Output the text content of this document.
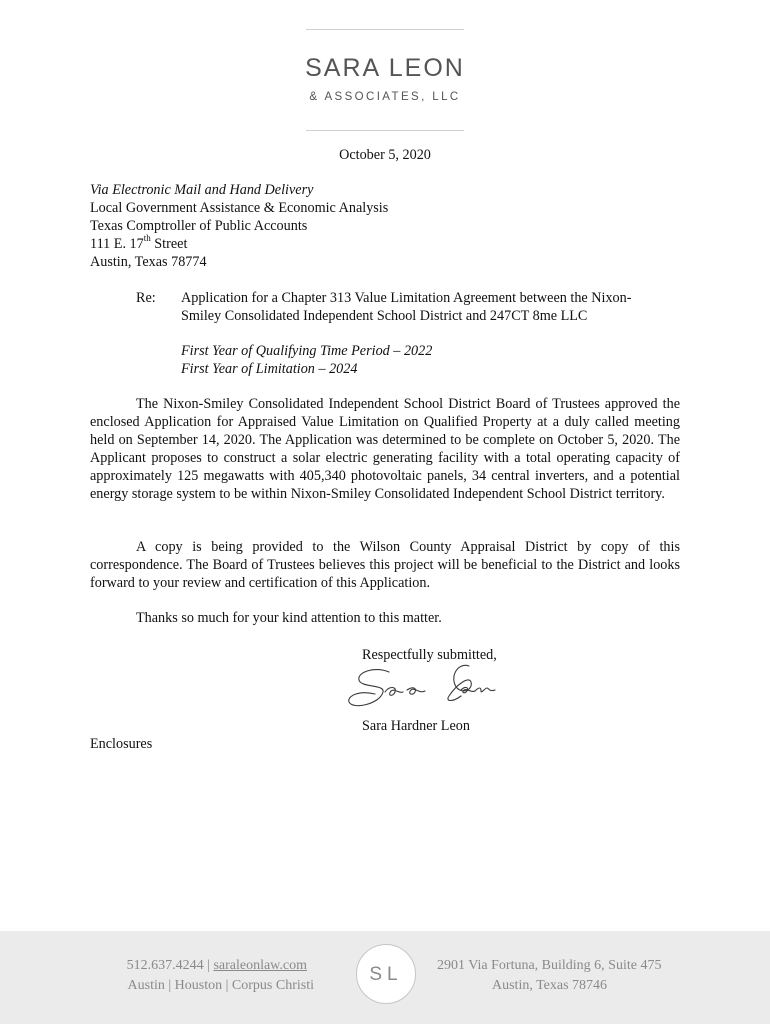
SARA LEON
& ASSOCIATES, LLC
October 5, 2020
Via Electronic Mail and Hand Delivery
Local Government Assistance & Economic Analysis
Texas Comptroller of Public Accounts
111 E. 17th Street
Austin, Texas 78774
Re: Application for a Chapter 313 Value Limitation Agreement between the Nixon-
Smiley Consolidated Independent School District and 247CT 8me LLC
First Year of Qualifying Time Period – 2022
First Year of Limitation – 2024

The Nixon-Smiley Consolidated Independent School District Board of Trustees approved the enclosed Application for Appraised Value Limitation on Qualified Property at a duly called meeting held on September 14, 2020. The Application was determined to be complete on October 5, 2020. The Applicant proposes to construct a solar electric generating facility with a total operating capacity of approximately 125 megawatts with 405,340 photovoltaic panels, 34 central inverters, and a potential energy storage system to be within Nixon-Smiley Consolidated Independent School District territory.

A copy is being provided to the Wilson County Appraisal District by copy of this correspondence. The Board of Trustees believes this project will be beneficial to the District and looks forward to your review and certification of this Application.

Thanks so much for your kind attention to this matter.

Respectfully submitted,
Sara Hardner Leon
Enclosures
512.637.4244 | saraleonlaw.com
Austin | Houston | Corpus Christi
SL	2901 Via Fortuna, Building 6, Suite 475
Austin, Texas 78746
